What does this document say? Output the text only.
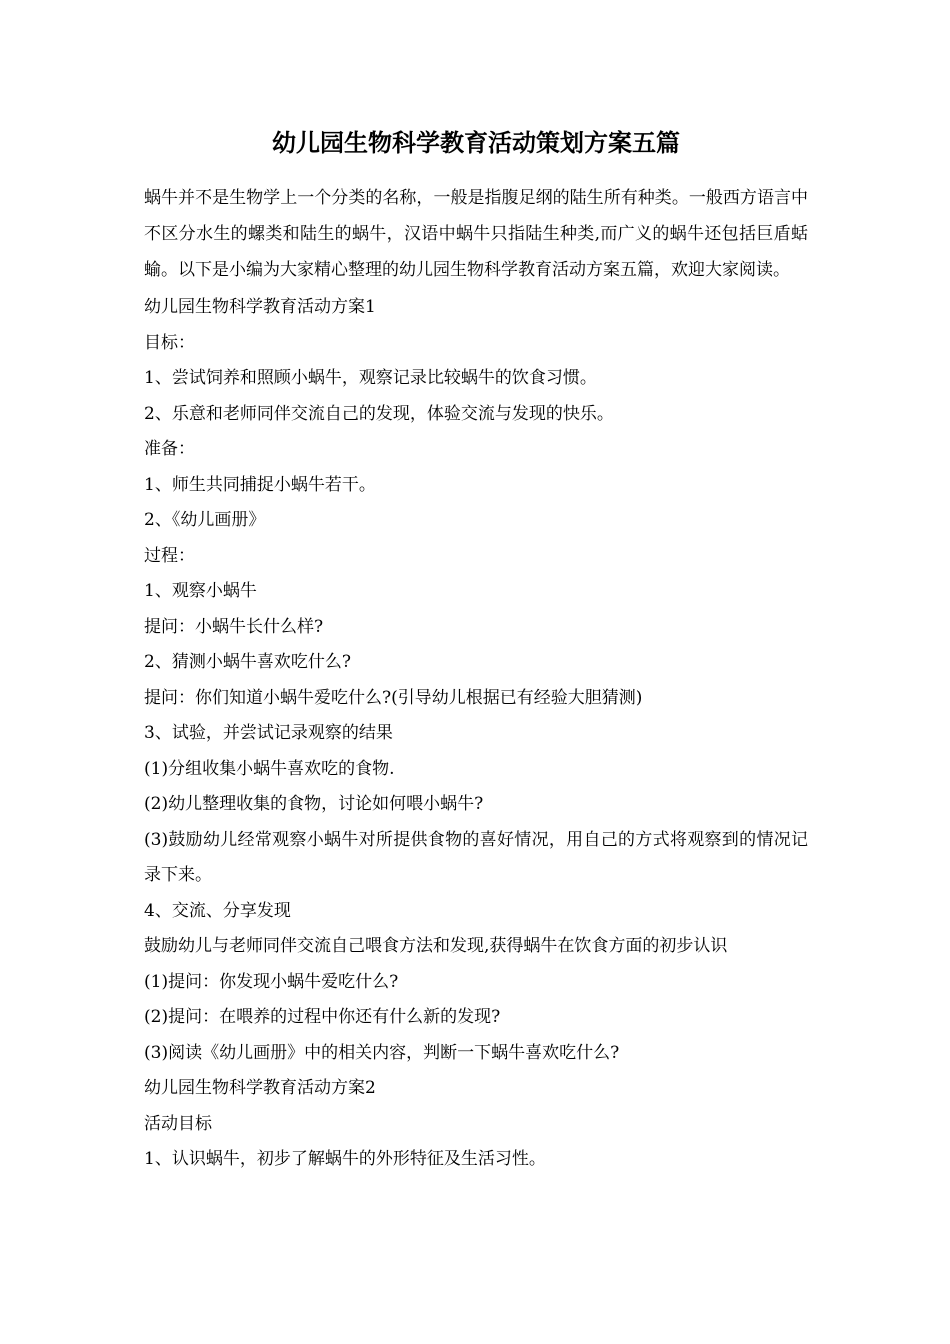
幼儿园生物科学教育活动策划方案五篇

蜗牛并不是生物学上一个分类的名称，一般是指腹足纲的陆生所有种类。一般西方语言中不区分水生的螺类和陆生的蜗牛，汉语中蜗牛只指陆生种类,而广义的蜗牛还包括巨盾蛞蝓。以下是小编为大家精心整理的幼儿园生物科学教育活动方案五篇，欢迎大家阅读。

幼儿园生物科学教育活动方案1

目标：

1、尝试饲养和照顾小蜗牛，观察记录比较蜗牛的饮食习惯。

2、乐意和老师同伴交流自己的发现，体验交流与发现的快乐。

准备：

1、师生共同捕捉小蜗牛若干。

2、《幼儿画册》

过程：

1、观察小蜗牛

提问：小蜗牛长什么样?

2、猜测小蜗牛喜欢吃什么?

提问：你们知道小蜗牛爱吃什么?(引导幼儿根据已有经验大胆猜测)

3、试验，并尝试记录观察的结果

(1)分组收集小蜗牛喜欢吃的食物.

(2)幼儿整理收集的食物，讨论如何喂小蜗牛?

(3)鼓励幼儿经常观察小蜗牛对所提供食物的喜好情况，用自己的方式将观察到的情况记录下来。

4、交流、分享发现

鼓励幼儿与老师同伴交流自己喂食方法和发现,获得蜗牛在饮食方面的初步认识

(1)提问：你发现小蜗牛爱吃什么?

(2)提问：在喂养的过程中你还有什么新的发现?

(3)阅读《幼儿画册》中的相关内容，判断一下蜗牛喜欢吃什么?

幼儿园生物科学教育活动方案2

活动目标

1、认识蜗牛，初步了解蜗牛的外形特征及生活习性。
